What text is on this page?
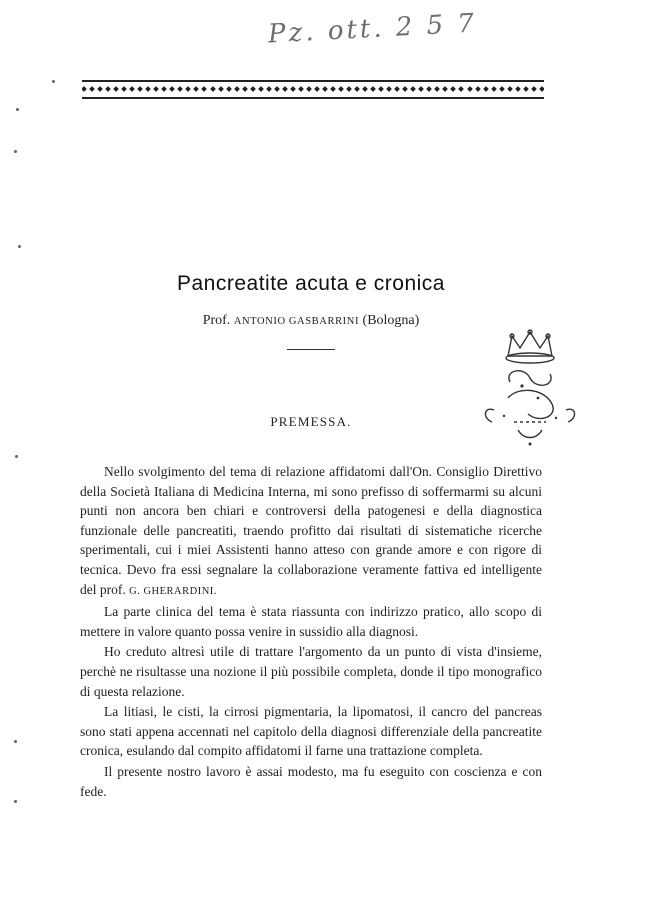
Pz. ott. 2 5 7
Pancreatite acuta e cronica
Prof. ANTONIO GASBARRINI (Bologna)
PREMESSA.

Nello svolgimento del tema di relazione affidatomi dall'On. Consiglio Direttivo della Società Italiana di Medicina Interna, mi sono prefisso di soffermarmi su alcuni punti non ancora ben chiari e controversi della patogenesi e della diagnostica funzionale delle pancreatiti, traendo profitto dai risultati di sistematiche ricerche sperimentali, cui i miei Assistenti hanno atteso con grande amore e con rigore di tecnica. Devo fra essi segnalare la collaborazione veramente fattiva ed intelligente del prof. G. GHERARDINI.

La parte clinica del tema è stata riassunta con indirizzo pratico, allo scopo di mettere in valore quanto possa venire in sussidio alla diagnosi.

Ho creduto altresì utile di trattare l'argomento da un punto di vista d'insieme, perchè ne risultasse una nozione il più possibile completa, donde il tipo monografico di questa relazione.

La litiasi, le cisti, la cirrosi pigmentaria, la lipomatosi, il cancro del pancreas sono stati appena accennati nel capitolo della diagnosi differenziale della pancreatite cronica, esulando dal compito affidatomi il farne una trattazione completa.

Il presente nostro lavoro è assai modesto, ma fu eseguito con coscienza e con fede.
